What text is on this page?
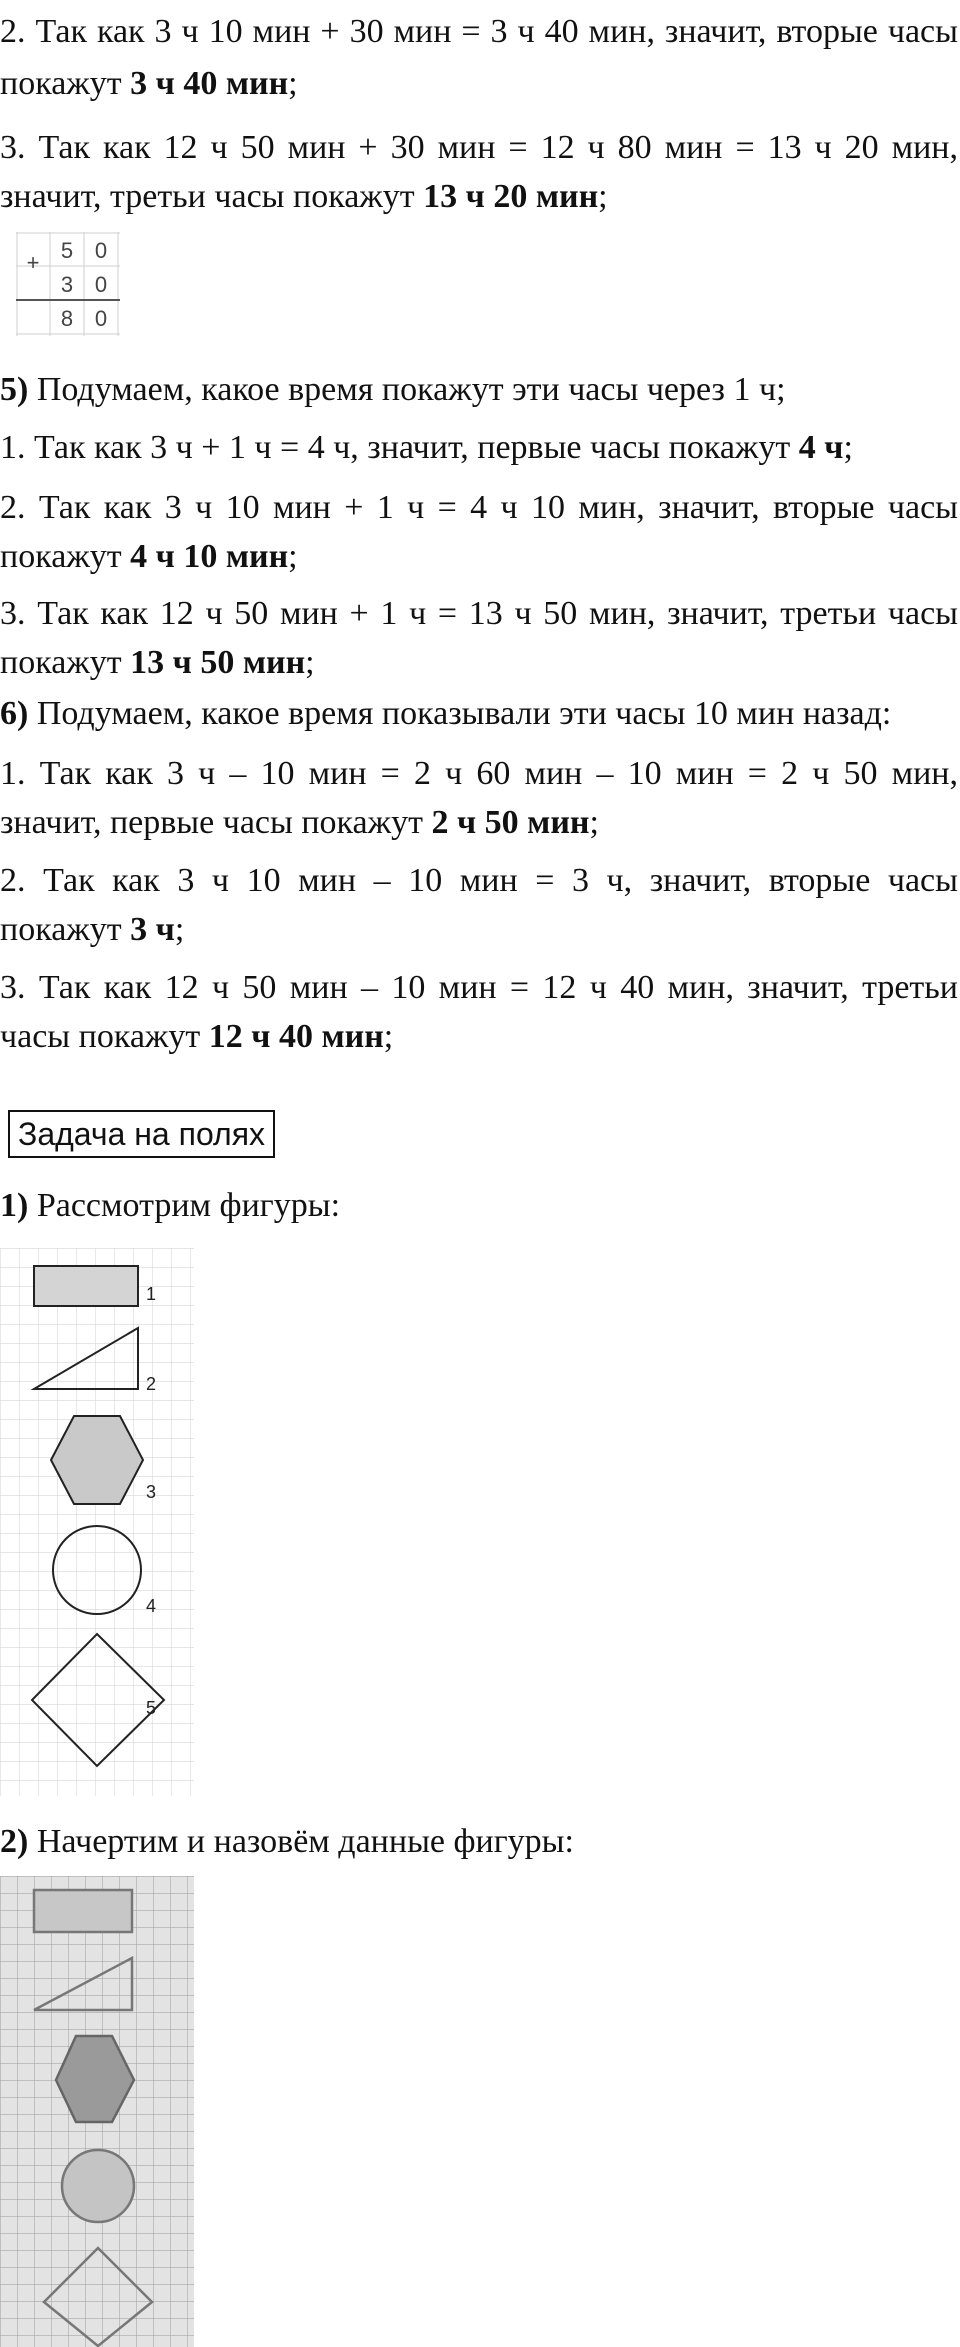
2. Так как 3 ч 10 мин + 30 мин = 3 ч 40 мин, значит, вторые часы

покажут 3 ч 40 мин;

3. Так как 12 ч 50 мин + 30 мин = 12 ч 80 мин = 13 ч 20 мин,

значит, третьи часы покажут 13 ч 20 мин;

+ 5 0
3 0
8 0

5) Подумаем, какое время покажут эти часы через 1 ч;

1. Так как 3 ч + 1 ч = 4 ч, значит, первые часы покажут 4 ч;

2. Так как 3 ч 10 мин + 1 ч = 4 ч 10 мин, значит, вторые часы

покажут 4 ч 10 мин;

3. Так как 12 ч 50 мин + 1 ч = 13 ч 50 мин, значит, третьи часы

покажут 13 ч 50 мин;

6) Подумаем, какое время показывали эти часы 10 мин назад:

1. Так как 3 ч – 10 мин = 2 ч 60 мин – 10 мин = 2 ч 50 мин,

значит, первые часы покажут 2 ч 50 мин;

2. Так как 3 ч 10 мин – 10 мин = 3 ч, значит, вторые часы

покажут 3 ч;

3. Так как 12 ч 50 мин – 10 мин = 12 ч 40 мин, значит, третьи

часы покажут 12 ч 40 мин;

Задача на полях

1) Рассмотрим фигуры:

1
2
3
4
5

2) Начертим и назовём данные фигуры:
